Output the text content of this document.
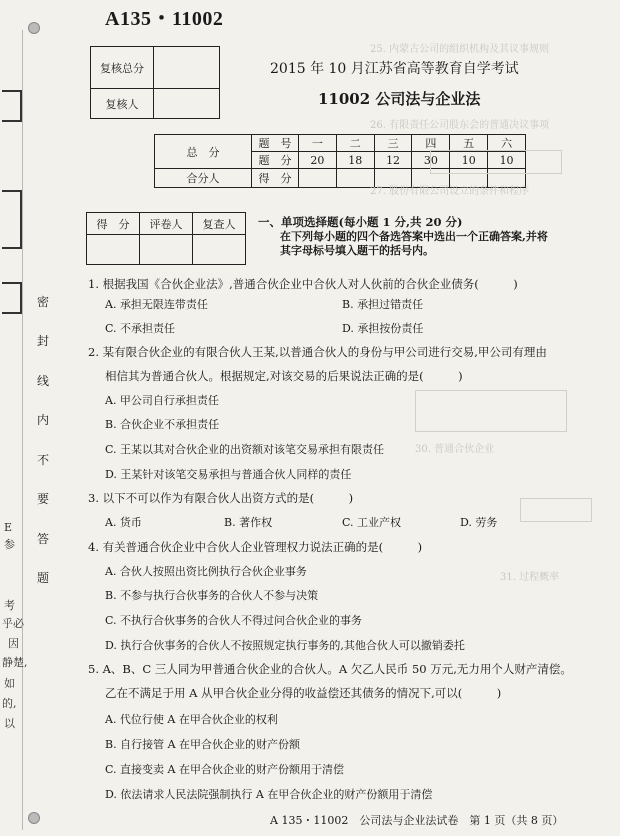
密
封
线
内
不
要
答
题
考
乎必
因
静楚,
如
的,
以
E
参
A135・11002
复核总分	
复核人	
2015 年 10 月江苏省高等教育自学考试
11002 公司法与企业法
总　分	题　号	一	二	三	四	五	六
	题　分	20	18	12	30	10	10
合分人	得　分						
得　分	评卷人	复查人
		一、单项选择题(每小题 1 分,共 20 分)
在下列每小题的四个备选答案中选出一个正确答案,并将
其字母标号填入题干的括号内。
25. 内蒙古公司的组织机构及其议事规则
26. 有限责任公司股东会的普通决议事项
27. 股份有限公司设立的条件和程序
30. 普通合伙企业
31. 过程概率
1. 根据我国《合伙企业法》,普通合伙企业中合伙人对人伙前的合伙企业债务(　　　)
A. 承担无限连带责任	B. 承担过错责任
C. 不承担责任	D. 承担按份责任
2. 某有限合伙企业的有限合伙人王某,以普通合伙人的身份与甲公司进行交易,甲公司有理由
相信其为普通合伙人。根据规定,对该交易的后果说法正确的是(　　　)
A. 甲公司自行承担责任
B. 合伙企业不承担责任
C. 王某以其对合伙企业的出资额对该笔交易承担有限责任
D. 王某针对该笔交易承担与普通合伙人同样的责任
3. 以下不可以作为有限合伙人出资方式的是(　　　)
A. 货币	B. 著作权	C. 工业产权	D. 劳务
4. 有关普通合伙企业中合伙人企业管理权力说法正确的是(　　　)
A. 合伙人按照出资比例执行合伙企业事务
B. 不参与执行合伙事务的合伙人不参与决策
C. 不执行合伙事务的合伙人不得过问合伙企业的事务
D. 执行合伙事务的合伙人不按照规定执行事务的,其他合伙人可以撤销委托
5. A、B、C 三人同为甲普通合伙企业的合伙人。A 欠乙人民币 50 万元,无力用个人财产清偿。
乙在不满足于用 A 从甲合伙企业分得的收益偿还其债务的情况下,可以(　　　)
A. 代位行使 A 在甲合伙企业的权利
B. 自行接管 A 在甲合伙企业的财产份额
C. 直接变卖 A 在甲合伙企业的财产份额用于清偿
D. 依法请求人民法院强制执行 A 在甲合伙企业的财产份额用于清偿
A 135・11002　公司法与企业法试卷　第 1 页（共 8 页）
